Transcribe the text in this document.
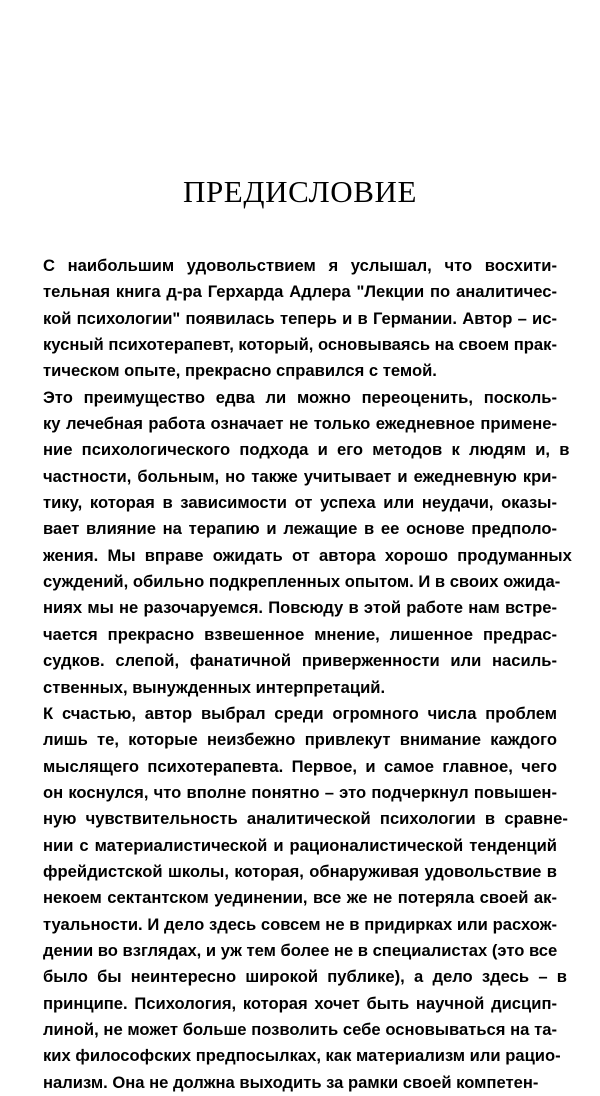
ПРЕДИСЛОВИЕ

С  наибольшим  удовольствием  я  услышал,  что  восхити-
тельная книга д-ра Герхарда Адлера "Лекции по аналитичес-
кой психологии" появилась теперь и в Германии. Автор – ис-
кусный психотерапевт, который, основываясь на своем прак-
тическом опыте, прекрасно справился с темой.

Это преимущество едва ли можно переоценить, посколь-
ку лечебная работа означает не только ежедневное примене-
ние  психологического  подхода  и  его  методов  к  людям  и,  в
частности, больным, но также учитывает и ежедневную кри-
тику, которая в зависимости от успеха или неудачи, оказы-
вает влияние на терапию и лежащие в ее основе предполо-
жения.  Мы  вправе  ожидать  от  автора  хорошо  продуманных
суждений, обильно подкрепленных опытом. И в своих ожида-
ниях мы не разочаруемся. Повсюду в этой работе нам встре-
чается  прекрасно  взвешенное  мнение,  лишенное  предрас-
судков.  слепой,  фанатичной  приверженности  или  насиль-
ственных, вынужденных интерпретаций.

К счастью, автор выбрал среди огромного числа проблем
лишь  те,  которые  неизбежно  привлекут  внимание  каждого
мыслящего психотерапевта. Первое, и самое главное, чего
он коснулся, что вполне понятно – это подчеркнул повышен-
ную  чувствительность  аналитической  психологии  в  сравне-
нии с материалистической и рационалистической тенденций
фрейдистской школы, которая, обнаруживая удовольствие в
некоем сектантском уединении, все же не потеряла своей ак-
туальности. И дело здесь совсем не в придирках или расхож-
дении во взглядах, и уж тем более не в специалистах (это все
было  бы  неинтересно  широкой  публике),  а  дело  здесь  –  в
принципе. Психология, которая хочет быть научной дисцип-
линой, не может больше позволить себе основываться на та-
ких философских предпосылках, как материализм или рацио-
нализм. Она не должна выходить за рамки своей компетен-
